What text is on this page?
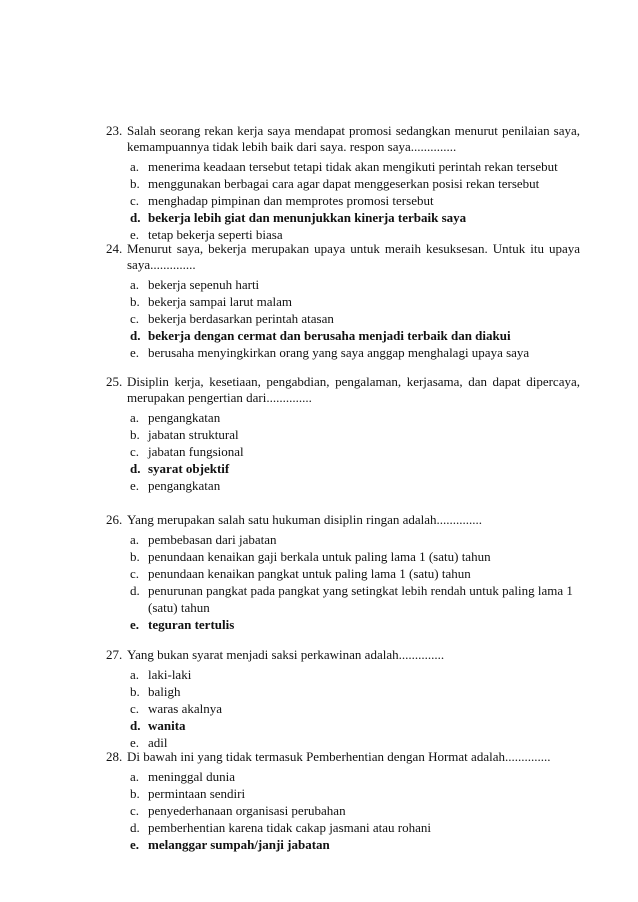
23. Salah seorang rekan kerja saya mendapat promosi sedangkan menurut penilaian saya, kemampuannya tidak lebih baik dari saya. respon saya..............
a. menerima keadaan tersebut tetapi tidak akan mengikuti perintah rekan tersebut
b. menggunakan berbagai cara agar dapat menggeserkan posisi rekan tersebut
c. menghadap pimpinan dan memprotes promosi tersebut
d. bekerja lebih giat dan menunjukkan kinerja terbaik saya
e. tetap bekerja seperti biasa
24. Menurut saya, bekerja merupakan upaya untuk meraih kesuksesan. Untuk itu upaya saya..............
a. bekerja sepenuh harti
b. bekerja sampai larut malam
c. bekerja berdasarkan perintah atasan
d. bekerja dengan cermat dan berusaha menjadi terbaik dan diakui
e. berusaha menyingkirkan orang yang saya anggap menghalagi upaya saya
25. Disiplin kerja, kesetiaan, pengabdian, pengalaman, kerjasama, dan dapat dipercaya, merupakan pengertian dari..............
a. pengangkatan
b. jabatan struktural
c. jabatan fungsional
d. syarat objektif
e. pengangkatan
26. Yang merupakan salah satu hukuman disiplin ringan adalah..............
a. pembebasan dari jabatan
b. penundaan kenaikan gaji berkala untuk paling lama 1 (satu) tahun
c. penundaan kenaikan pangkat untuk paling lama 1 (satu) tahun
d. penurunan pangkat pada pangkat yang setingkat lebih rendah untuk paling lama 1 (satu) tahun
e. teguran tertulis
27. Yang bukan syarat menjadi saksi perkawinan adalah..............
a. laki-laki
b. baligh
c. waras akalnya
d. wanita
e. adil
28. Di bawah ini yang tidak termasuk Pemberhentian dengan Hormat adalah..............
a. meninggal dunia
b. permintaan sendiri
c. penyederhanaan organisasi perubahan
d. pemberhentian karena tidak cakap jasmani atau rohani
e. melanggar sumpah/janji jabatan
